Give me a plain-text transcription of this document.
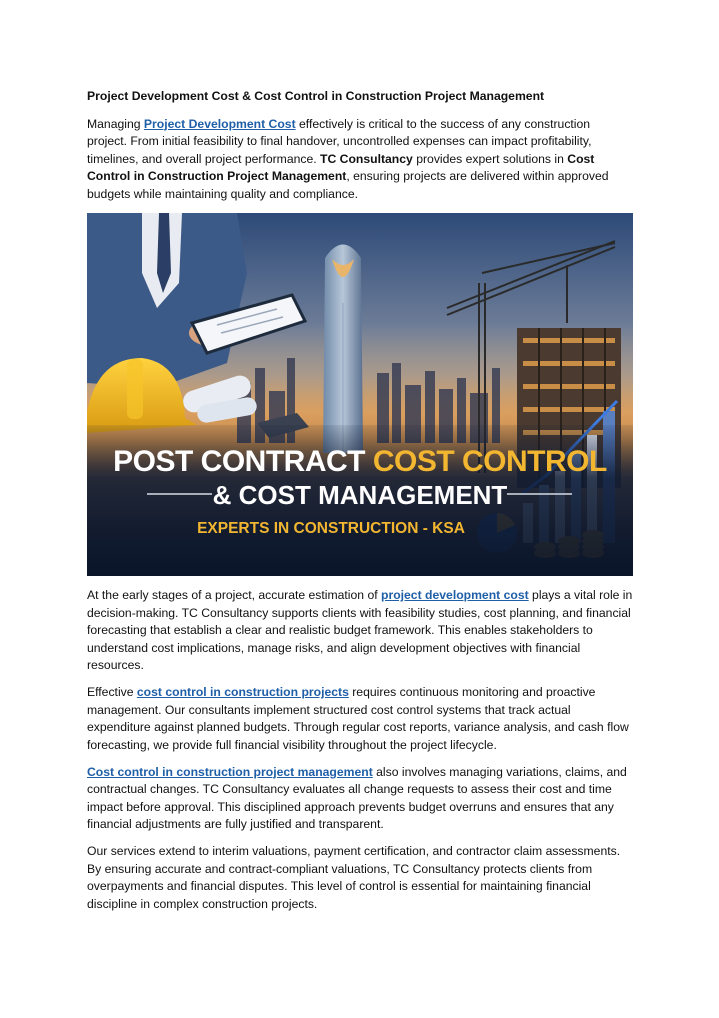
Project Development Cost & Cost Control in Construction Project Management

Managing Project Development Cost effectively is critical to the success of any construction project. From initial feasibility to final handover, uncontrolled expenses can impact profitability, timelines, and overall project performance. TC Consultancy provides expert solutions in Cost Control in Construction Project Management, ensuring projects are delivered within approved budgets while maintaining quality and compliance.

POST CONTRACT COST CONTROL
& COST MANAGEMENT
EXPERTS IN CONSTRUCTION - KSA

At the early stages of a project, accurate estimation of project development cost plays a vital role in decision-making. TC Consultancy supports clients with feasibility studies, cost planning, and financial forecasting that establish a clear and realistic budget framework. This enables stakeholders to understand cost implications, manage risks, and align development objectives with financial resources.

Effective cost control in construction projects requires continuous monitoring and proactive management. Our consultants implement structured cost control systems that track actual expenditure against planned budgets. Through regular cost reports, variance analysis, and cash flow forecasting, we provide full financial visibility throughout the project lifecycle.

Cost control in construction project management also involves managing variations, claims, and contractual changes. TC Consultancy evaluates all change requests to assess their cost and time impact before approval. This disciplined approach prevents budget overruns and ensures that any financial adjustments are fully justified and transparent.

Our services extend to interim valuations, payment certification, and contractor claim assessments. By ensuring accurate and contract-compliant valuations, TC Consultancy protects clients from overpayments and financial disputes. This level of control is essential for maintaining financial discipline in complex construction projects.
